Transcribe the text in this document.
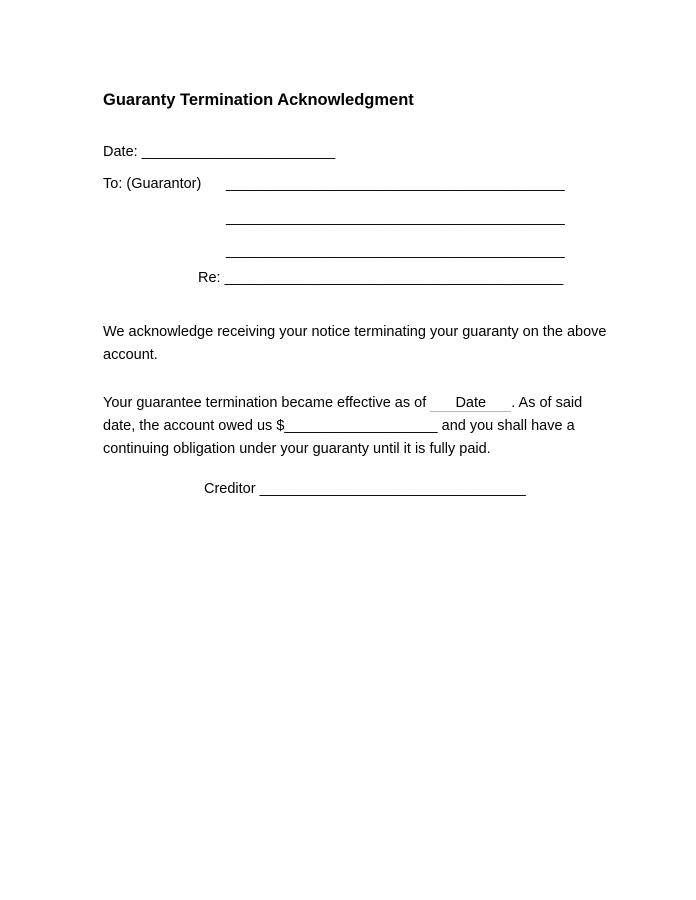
Guaranty Termination Acknowledgment
Date: ________________________
To: (Guarantor) __________________________________________
__________________________________________
__________________________________________
Re: __________________________________________
We acknowledge receiving your notice terminating your guaranty on the above
account.
Your guarantee termination became effective as of Date . As of said
date, the account owed us $___________________ and you shall have a
continuing obligation under your guaranty until it is fully paid.
Creditor _________________________________
